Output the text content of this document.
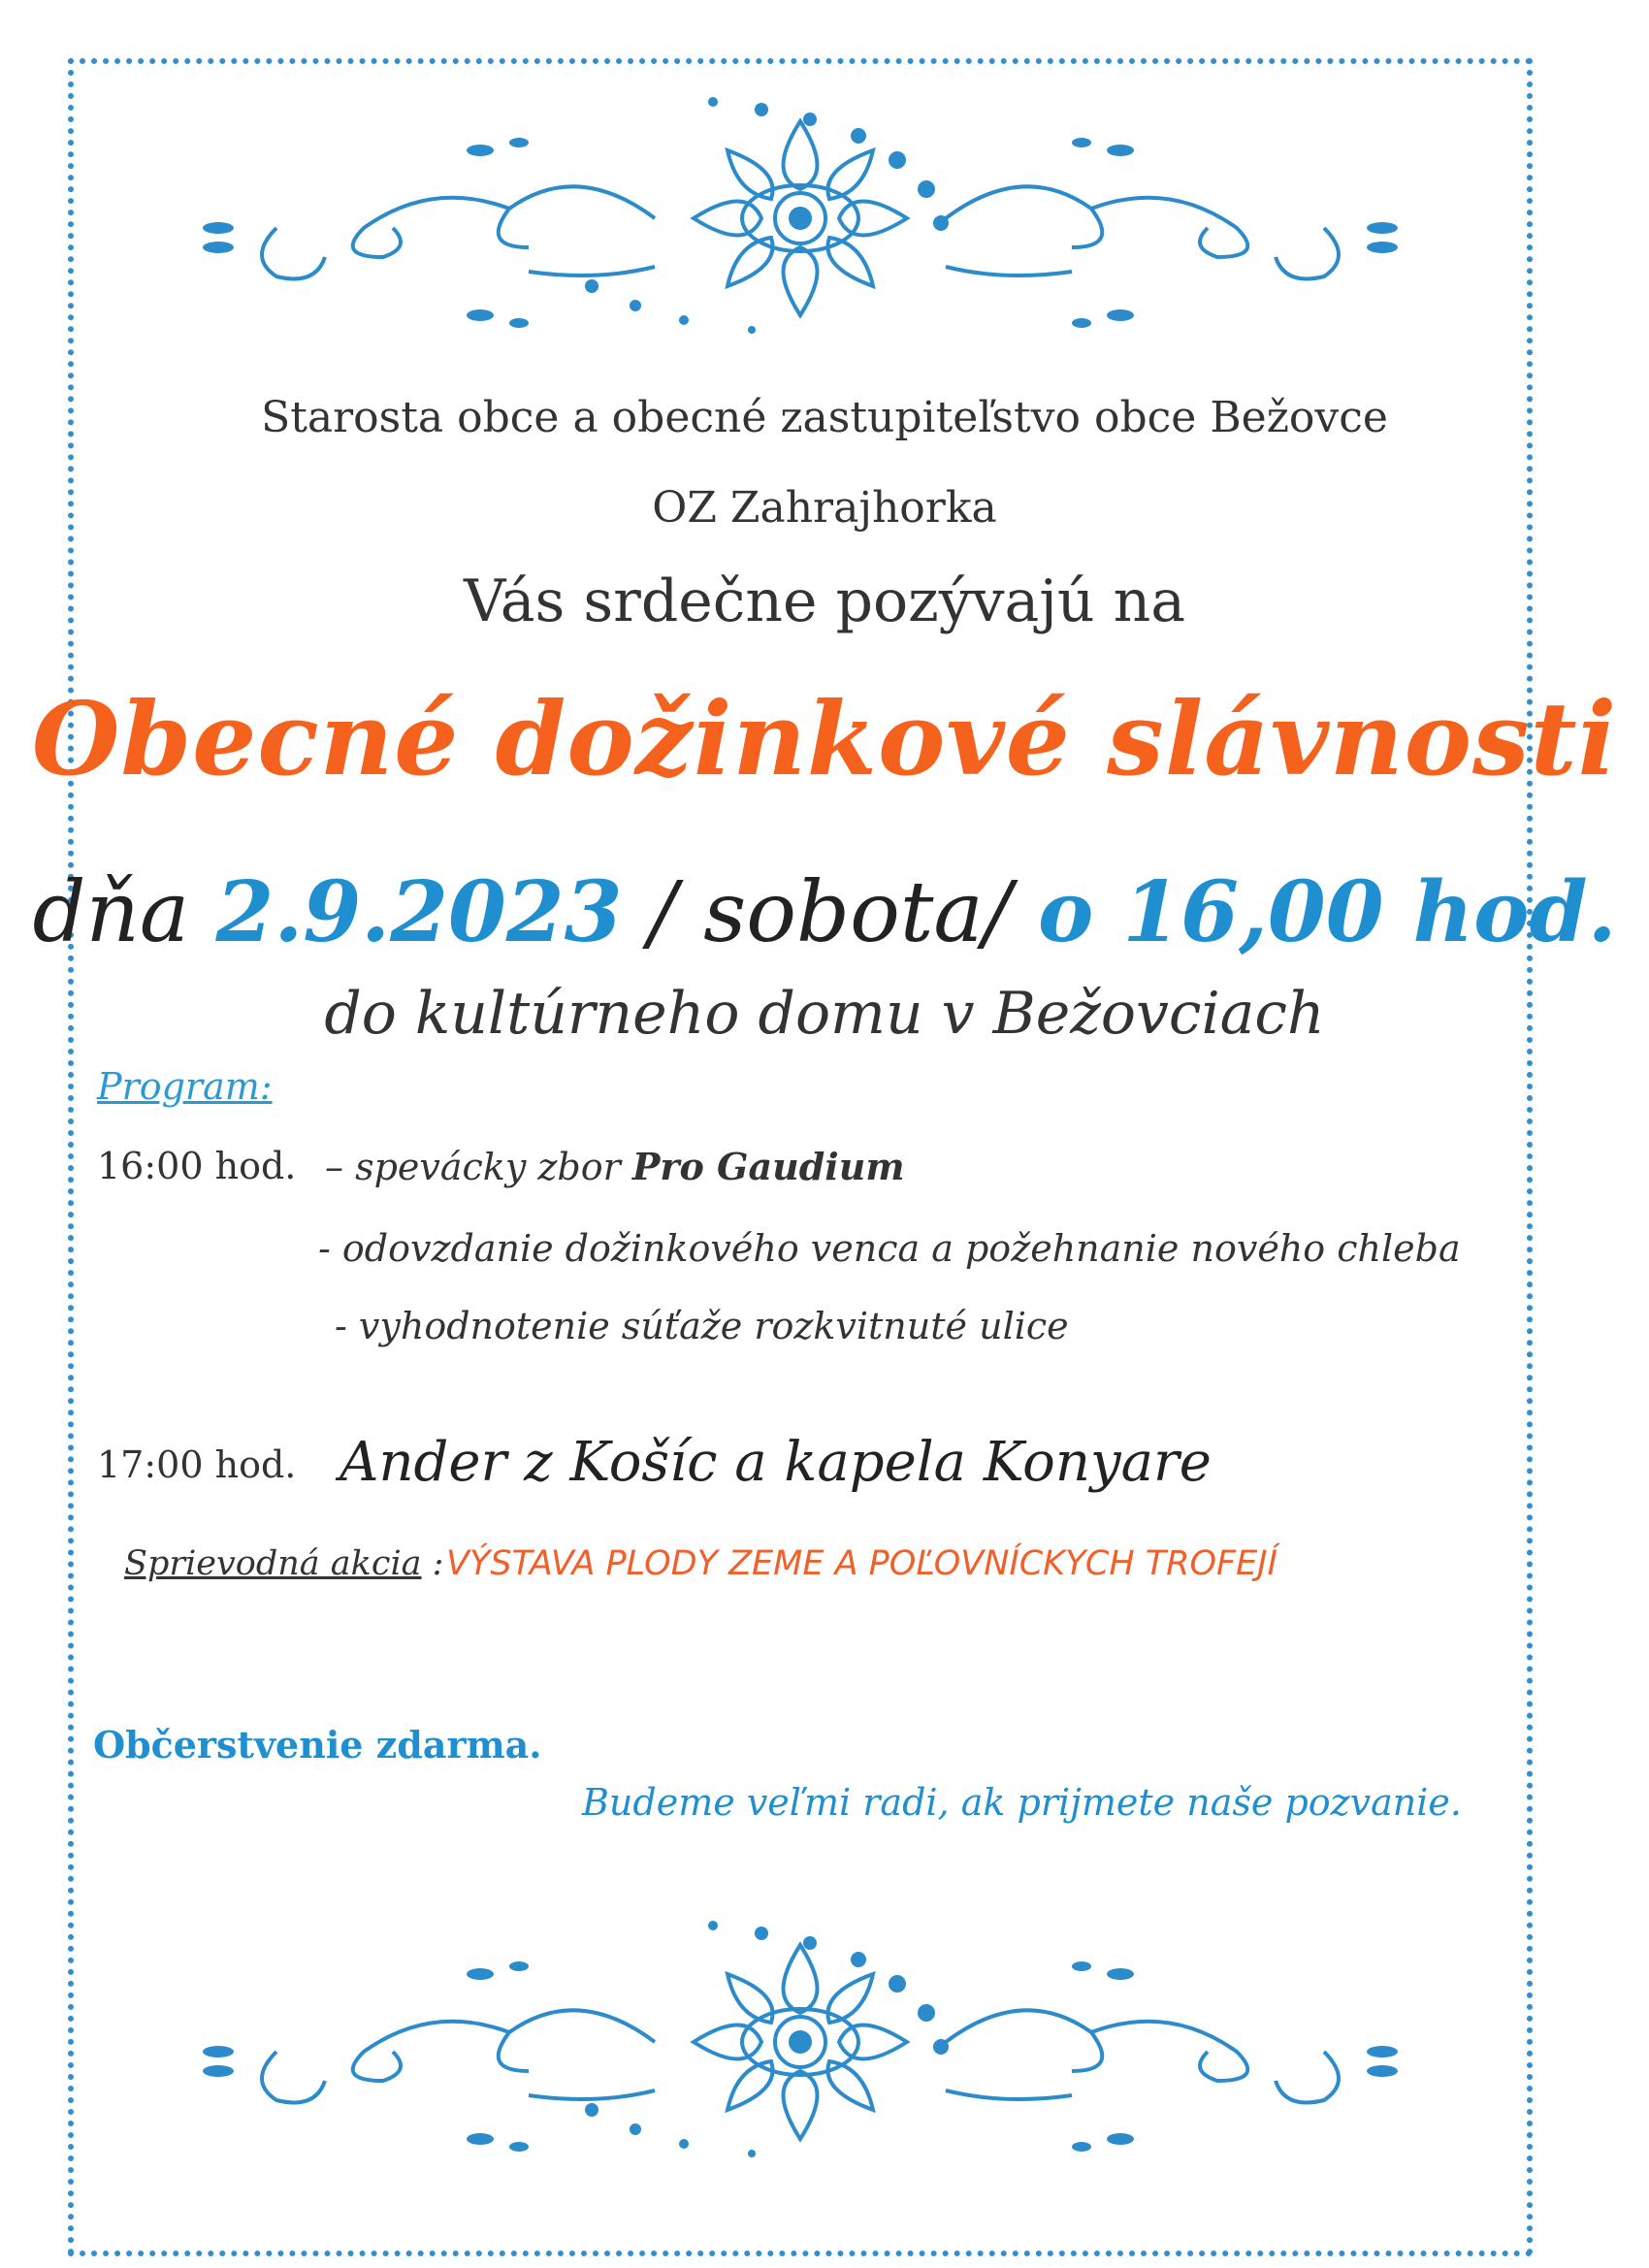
Starosta obce a obecné zastupiteľstvo obce Bežovce
OZ Zahrajhorka
Vás srdečne pozývajú na
Obecné dožinkové slávnosti
dňa 2.9.2023 / sobota/ o 16,00 hod.
do kultúrneho domu v Bežovciach
Program:
16:00 hod. – spevácky zbor Pro Gaudium
- odovzdanie dožinkového venca a požehnanie nového chleba
- vyhodnotenie súťaže rozkvitnuté ulice
17:00 hod. Ander z Košíc a kapela Konyare
Sprievodná akcia : VÝSTAVA PLODY ZEME A POĽOVNÍCKYCH TROFEJÍ
Občerstvenie zdarma.
Budeme veľmi radi, ak prijmete naše pozvanie.
